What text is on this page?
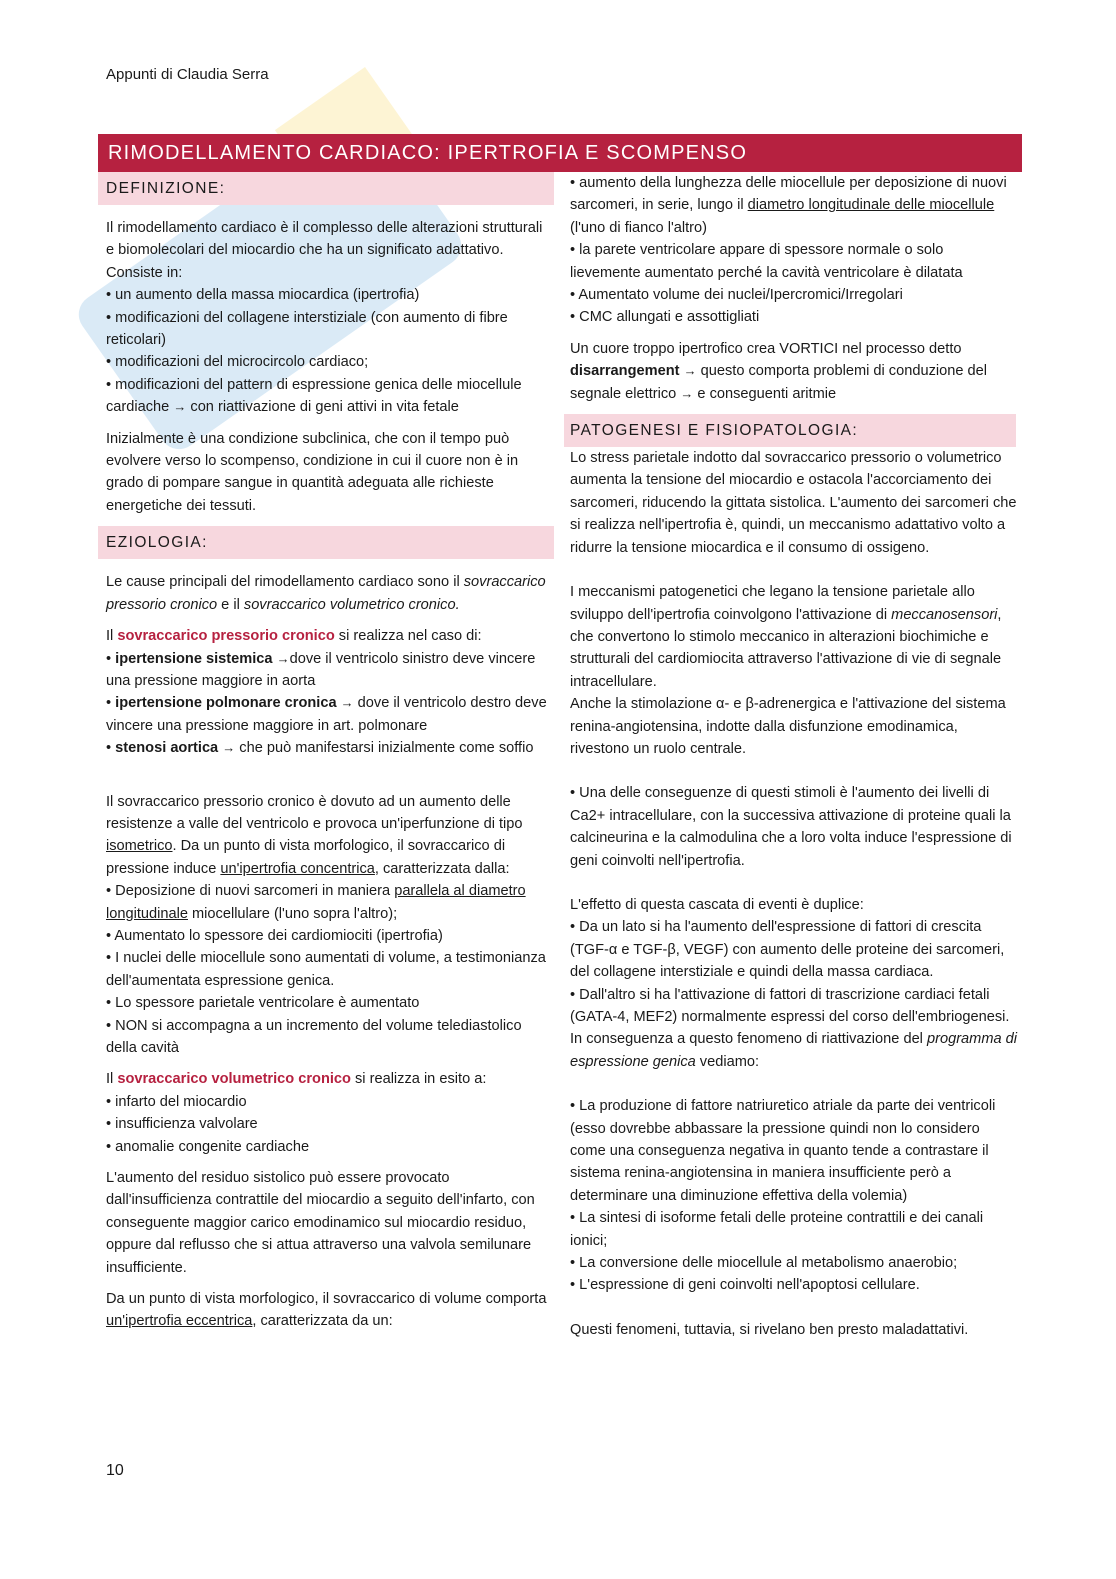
Appunti di Claudia Serra
RIMODELLAMENTO CARDIACO: IPERTROFIA E SCOMPENSO
DEFINIZIONE:

Il rimodellamento cardiaco è il complesso delle alterazioni strutturali e biomolecolari del miocardio che ha un significato adattativo. Consiste in:

• un aumento della massa miocardica (ipertrofia)

• modificazioni del collagene interstiziale (con aumento di fibre reticolari)

• modificazioni del microcircolo cardiaco;

• modificazioni del pattern di espressione genica delle miocellule cardiache → con riattivazione di geni attivi in vita fetale

Inizialmente è una condizione subclinica, che con il tempo può evolvere verso lo scompenso, condizione in cui il cuore non è in grado di pompare sangue in quantità adeguata alle richieste energetiche dei tessuti.

EZIOLOGIA:

Le cause principali del rimodellamento cardiaco sono il sovraccarico pressorio cronico e il sovraccarico volumetrico cronico.

Il sovraccarico pressorio cronico si realizza nel caso di:

• ipertensione sistemica →dove il ventricolo sinistro deve vincere una pressione maggiore in aorta

• ipertensione polmonare cronica → dove il ventricolo destro deve vincere una pressione maggiore in art. polmonare

• stenosi aortica → che può manifestarsi inizialmente come soffio

Il sovraccarico pressorio cronico è dovuto ad un aumento delle resistenze a valle del ventricolo e provoca un'iperfunzione di tipo isometrico. Da un punto di vista morfologico, il sovraccarico di pressione induce un'ipertrofia concentrica, caratterizzata dalla:

• Deposizione di nuovi sarcomeri in maniera parallela al diametro longitudinale miocellulare (l'uno sopra l'altro);

• Aumentato lo spessore dei cardiomiociti (ipertrofia)

• I nuclei delle miocellule sono aumentati di volume, a testimonianza dell'aumentata espressione genica.

• Lo spessore parietale ventricolare è aumentato

• NON si accompagna a un incremento del volume telediastolico della cavità

Il sovraccarico volumetrico cronico si realizza in esito a:

• infarto del miocardio

• insufficienza valvolare

• anomalie congenite cardiache

L'aumento del residuo sistolico può essere provocato dall'insufficienza contrattile del miocardio a seguito dell'infarto, con conseguente maggior carico emodinamico sul miocardio residuo, oppure dal reflusso che si attua attraverso una valvola semilunare insufficiente.

Da un punto di vista morfologico, il sovraccarico di volume comporta un'ipertrofia eccentrica, caratterizzata da un:

• aumento della lunghezza delle miocellule per deposizione di nuovi sarcomeri, in serie, lungo il diametro longitudinale delle miocellule (l'uno di fianco l'altro)

• la parete ventricolare appare di spessore normale o solo lievemente aumentato perché la cavità ventricolare è dilatata

• Aumentato volume dei nuclei/Ipercromici/Irregolari

• CMC allungati e assottigliati

Un cuore troppo ipertrofico crea VORTICI nel processo detto disarrangement → questo comporta problemi di conduzione del segnale elettrico → e conseguenti aritmie

PATOGENESI E FISIOPATOLOGIA:

Lo stress parietale indotto dal sovraccarico pressorio o volumetrico aumenta la tensione del miocardio e ostacola l'accorciamento dei sarcomeri, riducendo la gittata sistolica. L'aumento dei sarcomeri che si realizza nell'ipertrofia è, quindi, un meccanismo adattativo volto a ridurre la tensione miocardica e il consumo di ossigeno.

I meccanismi patogenetici che legano la tensione parietale allo sviluppo dell'ipertrofia coinvolgono l'attivazione di meccanosensori, che convertono lo stimolo meccanico in alterazioni biochimiche e strutturali del cardiomiocita attraverso l'attivazione di vie di segnale intracellulare.

Anche la stimolazione α- e β-adrenergica e l'attivazione del sistema renina-angiotensina, indotte dalla disfunzione emodinamica, rivestono un ruolo centrale.

• Una delle conseguenze di questi stimoli è l'aumento dei livelli di Ca2+ intracellulare, con la successiva attivazione di proteine quali la calcineurina e la calmodulina che a loro volta induce l'espressione di geni coinvolti nell'ipertrofia.

L'effetto di questa cascata di eventi è duplice:

• Da un lato si ha l'aumento dell'espressione di fattori di crescita (TGF-α e TGF-β, VEGF) con aumento delle proteine dei sarcomeri, del collagene interstiziale e quindi della massa cardiaca.

• Dall'altro si ha l'attivazione di fattori di trascrizione cardiaci fetali (GATA-4, MEF2) normalmente espressi del corso dell'embriogenesi.

In conseguenza a questo fenomeno di riattivazione del programma di espressione genica vediamo:

• La produzione di fattore natriuretico atriale da parte dei ventricoli (esso dovrebbe abbassare la pressione quindi non lo considero come una conseguenza negativa in quanto tende a contrastare il sistema renina-angiotensina in maniera insufficiente però a determinare una diminuzione effettiva della volemia)

• La sintesi di isoforme fetali delle proteine contrattili e dei canali ionici;

• La conversione delle miocellule al metabolismo anaerobio;

• L'espressione di geni coinvolti nell'apoptosi cellulare.

Questi fenomeni, tuttavia, si rivelano ben presto maladattativi.

10
